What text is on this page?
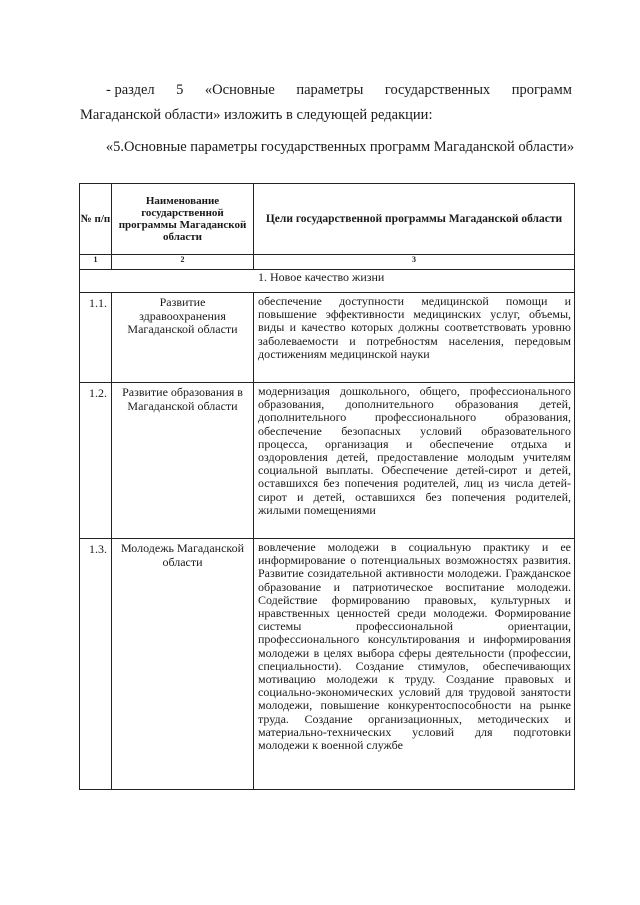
- раздел 5 «Основные параметры государственных программ
Магаданской области» изложить в следующей редакции:
«5.Основные параметры государственных программ Магаданской области»
№ п/п	Наименование государственной программы Магаданской области	Цели государственной программы Магаданской области
1	2	3
1. Новое качество жизни		
1.1.	Развитие здравоохранения Магаданской области	обеспечение доступности медицинской помощи и повышение эффективности медицинских услуг, объемы, виды и качество которых должны соответствовать уровню заболеваемости и потребностям населения, передовым достижениям медицинской науки
1.2.	Развитие образования в Магаданской области	модернизация дошкольного, общего, профессионального образования, дополнительного образования детей, дополнительного профессионального образования, обеспечение безопасных условий образовательного процесса, организация и обеспечение отдыха и оздоровления детей, предоставление молодым учителям социальной выплаты. Обеспечение детей-сирот и детей, оставшихся без попечения родителей, лиц из числа детей-сирот и детей, оставшихся без попечения родителей, жилыми помещениями
1.3.	Молодежь Магаданской области	вовлечение молодежи в социальную практику и ее информирование о потенциальных возможностях развития. Развитие созидательной активности молодежи. Гражданское образование и патриотическое воспитание молодежи. Содействие формированию правовых, культурных и нравственных ценностей среди молодежи. Формирование системы профессиональной ориентации, профессионального консультирования и информирования молодежи в целях выбора сферы деятельности (профессии, специальности). Создание стимулов, обеспечивающих мотивацию молодежи к труду. Создание правовых и социально-экономических условий для трудовой занятости молодежи, повышение конкурентоспособности на рынке труда. Создание организационных, методических и материально-технических условий для подготовки молодежи к военной службе
